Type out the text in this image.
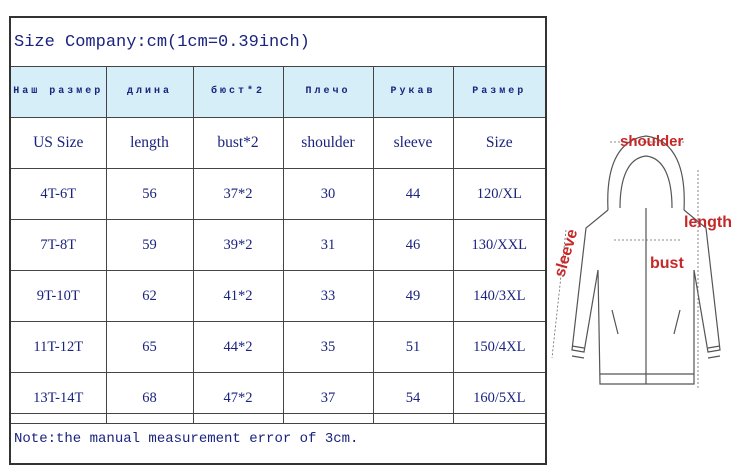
Size Company:cm(1cm=0.39inch)
Наш размер	длина	бюст*2	Плечо	Рукав	Размер
US Size	length	bust*2	shoulder	sleeve	Size
4T-6T	56	37*2	30	44	120/XL
7T-8T	59	39*2	31	46	130/XXL
9T-10T	62	41*2	33	49	140/3XL
11T-12T	65	44*2	35	51	150/4XL
13T-14T	68	47*2	37	54	160/5XL
Note:the manual measurement error of 3cm.
shoulder
length
bust
sleeve
